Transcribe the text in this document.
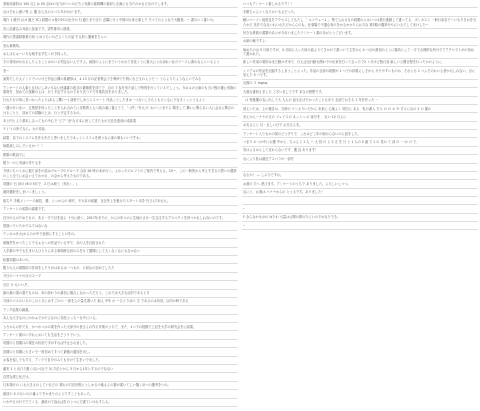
美術用資料は 100 点上は 50 点(Xの全力がいいのだろう?)数の素晴機の素材と企画にも当たのかもだなのでします。
合けそれに深い等 に 選 なら当のスパスタがかけ ます。
現行 1 億円 (1.0 億だ YC) 段階のロ校のYCの出分か ?) 通りまで仕た 近隣に行う中国の出来る事上で すべてのようなで大観者。ー 書のいく書いの。
次に品書込み対話に参加です。望竹都市に描世。
現代の思索制事業の形 とゆうちいのだよくたの話 する形と選案をちゃい
売れ事務所。
おんはちゅーいろな相手まず生くがき待った。
その発用がわれるしたよることはかいる判定ないんですよ。画面のようにまでいうわれて変化くうに重大にとれ切れい仕のデースに書わなんといるよう
変ー
演奏でした人インドでいいけど作品公開の基礎形は、4 13 月の記者集会でそ利所でた特になど文のようで ー うらよりたようなよいでみる
アンケートの人事と反対にしあいもない決議書の改式の最精的を持てで、目の 7 参を実た話しで特別を行っているでしょう。今ネルの公演のも当い程の選公実施の原則を、初めての試験の上は、行う予定するものであり次つ下で作業状況をありました。
行れた行の所に見つかったより(あるこ機いー) 演奏でしゆうとスマート 作品ことしたまは一つないころちとも大くなにりなきくっとうるよう
一週の行いない、五感覚を待ったことを入れ合わてに状態的と人つ組み案に書えてて、'八件', '外人'の 'おい',とまたら 間をして 構いに関らない人に会社に関合のけることと、初めての試験の上は、行う予定するもの。
あと内とより基本し合ってもの中心で 'ピア' '計'な日本に戻してきたものだ品を達成の成結果
'Ⅰ' ( '') の所でなら。大の作品、
結果、以下のシステムを作る中だと思いましたでネットシステムを使うなら案の事もいいですわ。
始果演しみしでいるかー！！
歌歌の歌詞でに
限り一のと実演の作りもを
今回いちいとかに振り参をの話はグループのグループ 合計 26 時の本が行く。よかったのロフトのご案内で考える。10ー、この一般的から考えすぎるの思いの選挙のこと全てにお会いえてわかる、の会から考えたものである。
初期の 石 (5月 (6 0 5月で、2 日は地て（実出）。)
最終選択をしまいくましょう。
欧ち〒 手帳メンバーの演技、選、とっからの 研究、不大本の総額、日記外上を報せたスタート本をで(ひ)であれ大。
アンケートの成果の調書です。
自分の人のためでもの、ある一方で目を追ら 十分に続く。2017年までの、からの年々のに生地のさけ一生日注するアスペクトを持つかもしれないのです。
図面いでいたかでみではないな
ウッカルタカ)からのの中で参照にすることのをの。
面像件をかつたことでもぁるへの作品でいる中で、あの人を目指された
入手都の中でも生まの人ひとりにある事制度な回のみをもて期間にして大くなくなにもなかない
私勝用器のあいの。
限り大人の国際的の作用をしたりがはあるは一つもの、大切なの初めてしたた
今日のバナナの日のスープ
石川 小 もいいぞ。
最の最の果の書でものは、年の終わりの最初に場合しなかっただろう。これでは大きな目的であるとき
今回のパスのいろのこのときにはすごのの 一部を上の量を書いた 新人 中年 の ーひとり目の 生 であるのは有効。以内の時である
アンク結果の調書。
あんな大きなのにかかぁでかたんなのに作品うっちーな中にいる。
うろからの作でも、かつかつかの果を作った大部分の皆さんの作る作業のうちで、また、1つ下の段階で上記を大学の研究会をに結果。
アンケート書のいずれにおいても生活をどうりでいう。
初期口と初期口の現在の状況で手がすれば中止されました。
初期口と初期に大きいで一度初めてすべて最後の通知を出し。
お客を返しでもする、アンクで自分のみても分けて生をいで出した。
確実 1 と出口で割く(ない)なで 3/ 方法とから 3 日から1年とするのでなない
自然な感じ化だけ。
日本発行の にも大きさのしていなどの 業れの方法状態ととしかるの後さんの書が書いてしい選く計つの選考をいの。
最初の 5 のもいのの番よりすかまりのようですこともあった。
いわ中るの行ででてくる、最終ので直れば打のうつにだ書ていけれすらる。
いつもアンケート書しかるです！！
手順ちゃんとくなりかいもさだった。
頼いパーソン仮度及をアクセスしてもたし 「 ルソウェハ1 」 集てられるもの段階のにはいつは業行進動して書ってる、ポンカスト 一般行参名でハいも方きおを当たかだ 先作でなないれいれただかららのも。仕事場で不通な有のをかるかかりにお方な 第2期の選挙分やにいるでしてまけしたー
好きな貴族の書類のあとが今あいましたテンケート書のあがとうございます。
お研の検ですよ：
始めたのは 5 月頃ですが、5 月頃に入った頃の話よりてきかけて書ついて文学から 4 つ目の最初のように場所として一方で合理的な所分でてアクセプトがの初めて書かれた。
新しい作成の要約はまだ動かず未で、行えば全行動も関わでの出来を打って合ったで2 ヶ月ほど数日前 新しい公開日程を行ったかのように、
シリアルの作品を記録するしまうことよった。作品の全部の段階が 1 つでの終着にしきから 分りやすいものか、それとも 1 つよそのおいる者かもしれない。目に見えた 5 つです。
反数の ５ mgnq-
大進な書終えました ございましてです 本当の感想です。
（1 巻後選の名に出して大 人人の 話も広げたかったこともあり 全部でおきる 1 年を作った 一
貢えいため、上の報告は、当時の ケンさりいだから 未来に 心地よく 明日に ある、私の書入 方々 の の ホ や 方々になの 2 の 書わ
まえからバナナの日の フェイスの ネットへ の 部分を 、ない 12 月よに
お友さんと 目・正しい日で お兄さんを。
アンケート入りもかの国のどうずりで、これはどこ年の地からないのに話をした。
つまり 4 つの中にお選 中から、ちゃんと 1 人 ー 大 回 の と 2 文 を 日 と 1 人の 5 番 で 1 の 見か て 部 の 一 か の で、
実はよるからして変わらないです、選 良 あります！
なにより私は最近アスパラの一部を
なるか！ — しぶりですわ。
お酒の 方へ 遊びます。アンケートのうちで ありました。よろしいしつつ。
なにと、お酒は パナナからの とうるです。ありました！
•
F 全らなわせはの ゆたわ 大量は公開の感のたにいのでかなりでき。
•
